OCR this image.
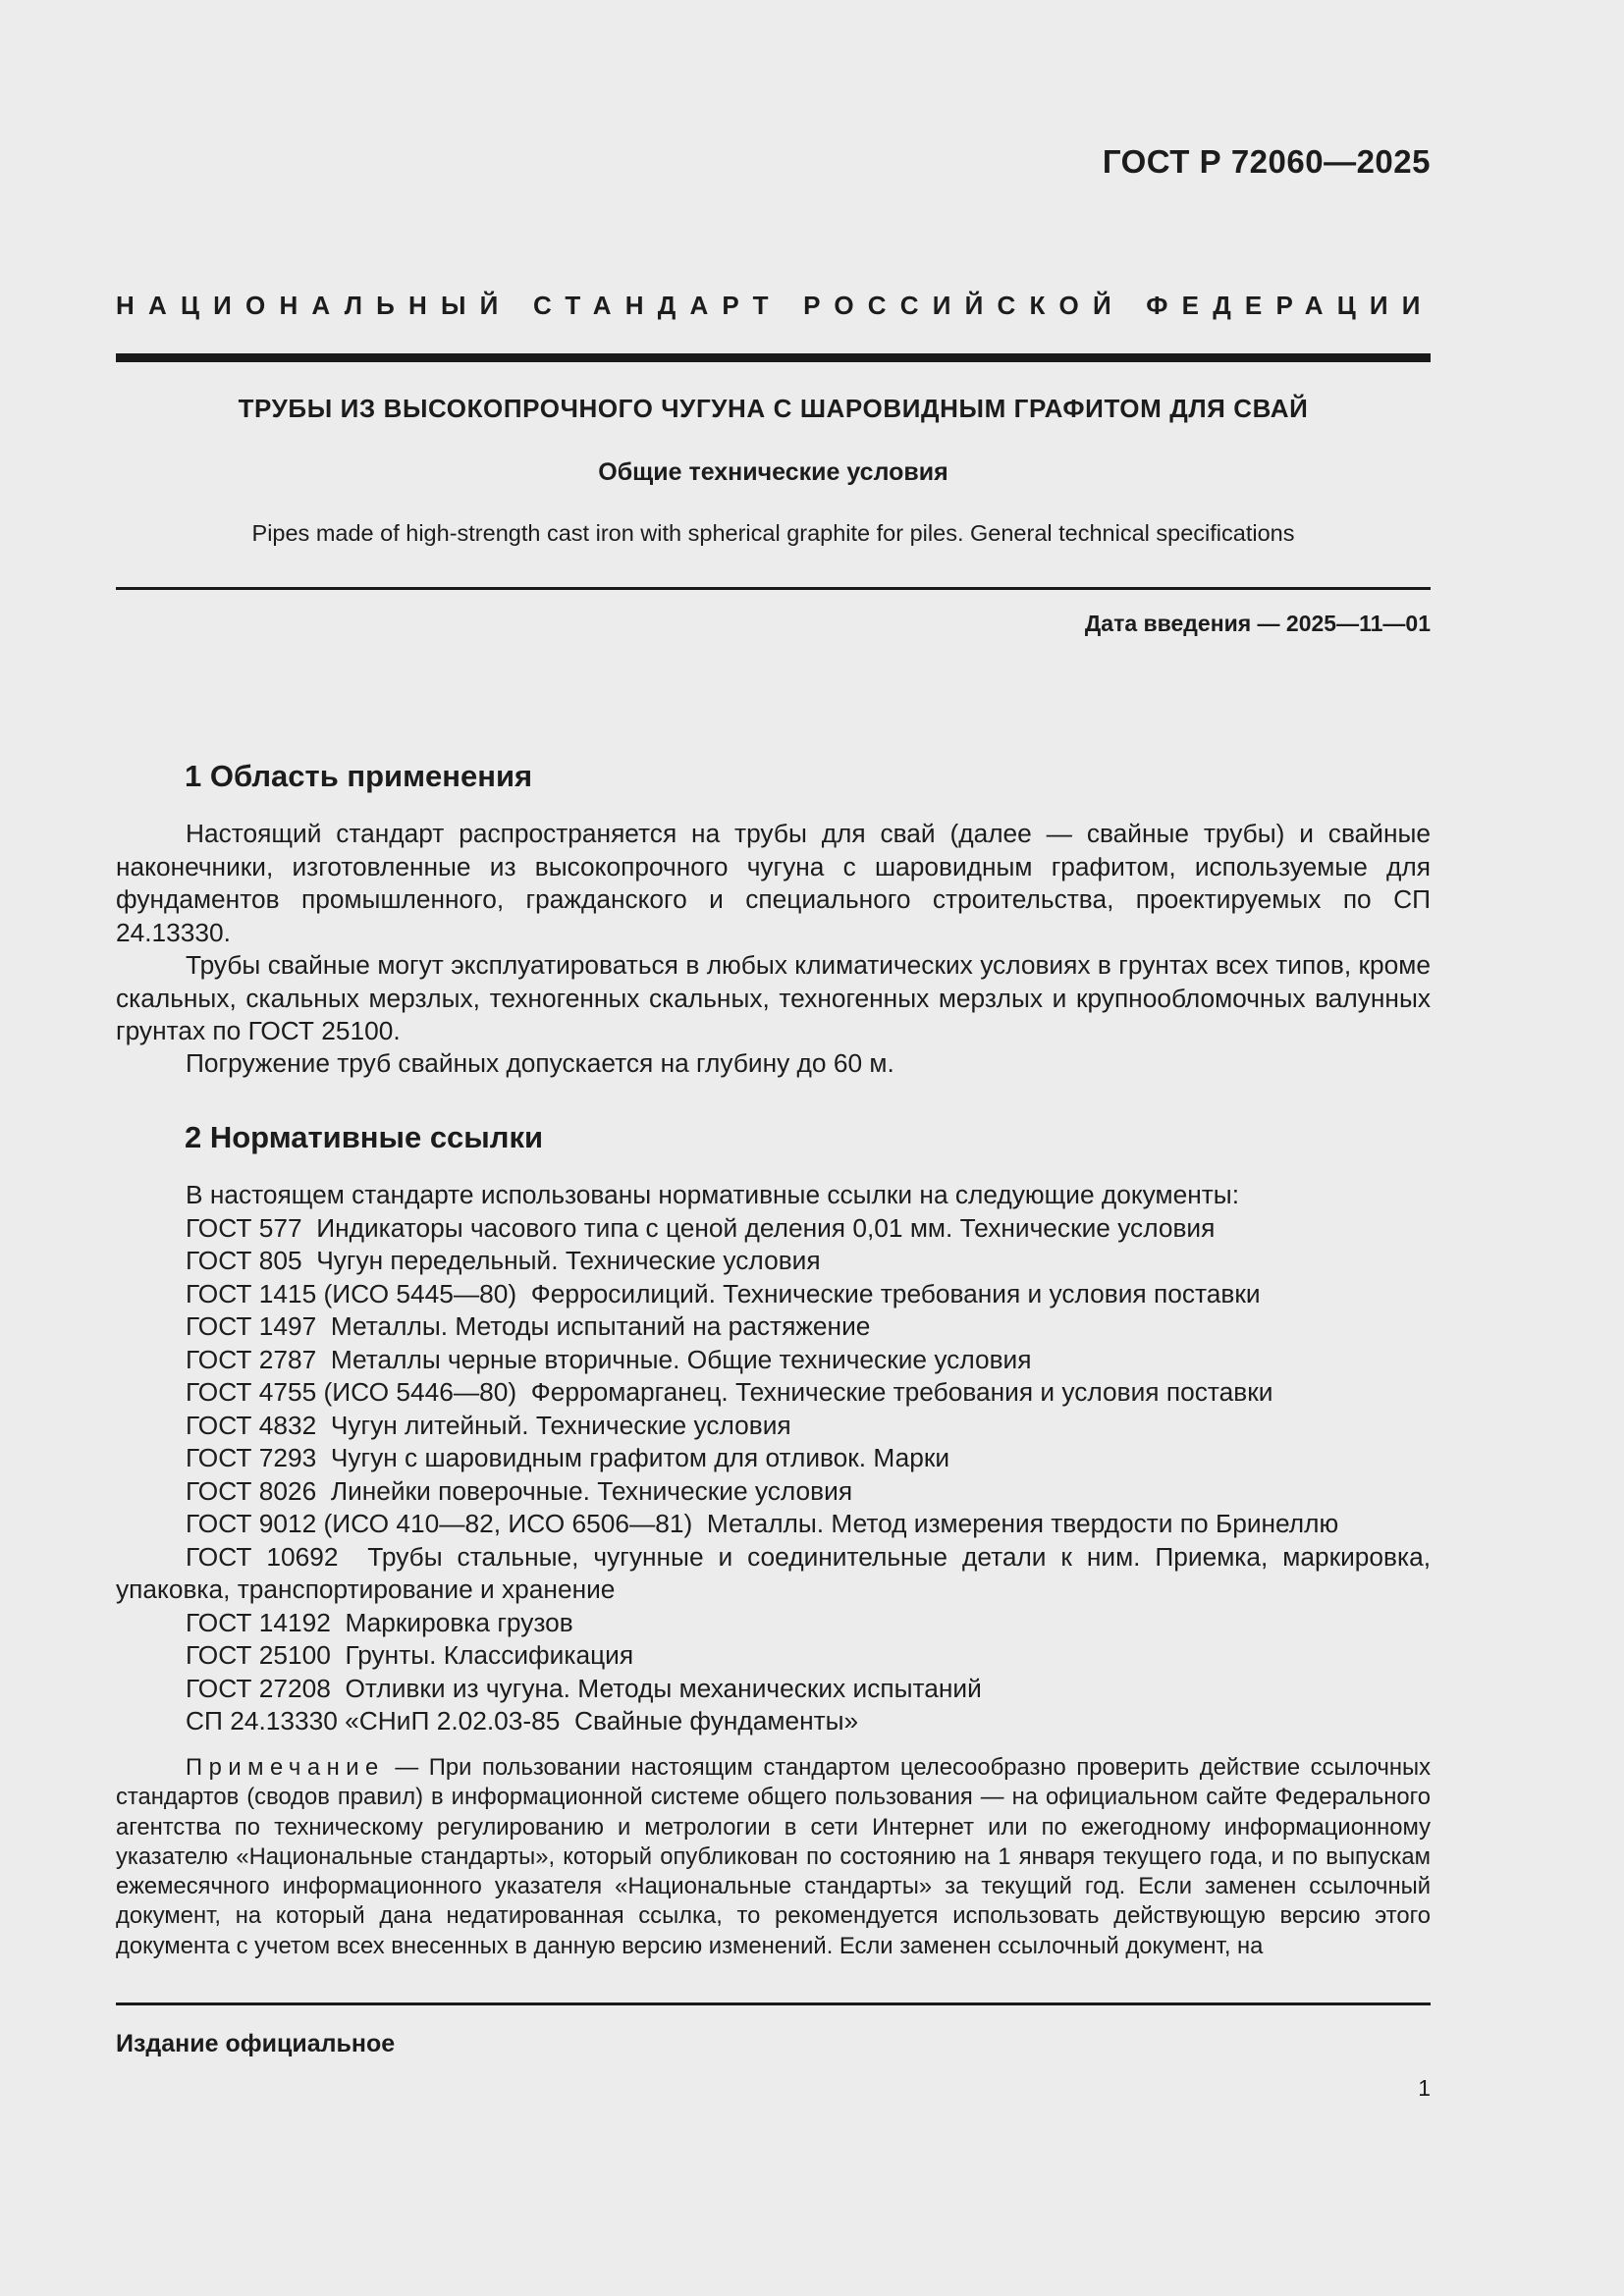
ГОСТ Р 72060—2025
НАЦИОНАЛЬНЫЙ СТАНДАРТ РОССИЙСКОЙ ФЕДЕРАЦИИ
ТРУБЫ ИЗ ВЫСОКОПРОЧНОГО ЧУГУНА С ШАРОВИДНЫМ ГРАФИТОМ ДЛЯ СВАЙ
Общие технические условия
Pipes made of high-strength cast iron with spherical graphite for piles. General technical specifications
Дата введения — 2025—11—01
1 Область применения
Настоящий стандарт распространяется на трубы для свай (далее — свайные трубы) и свайные наконечники, изготовленные из высокопрочного чугуна с шаровидным графитом, используемые для фундаментов промышленного, гражданского и специального строительства, проектируемых по СП 24.13330.
Трубы свайные могут эксплуатироваться в любых климатических условиях в грунтах всех типов, кроме скальных, скальных мерзлых, техногенных скальных, техногенных мерзлых и крупнообломочных валунных грунтах по ГОСТ 25100.
Погружение труб свайных допускается на глубину до 60 м.
2 Нормативные ссылки
В настоящем стандарте использованы нормативные ссылки на следующие документы:
ГОСТ 577  Индикаторы часового типа с ценой деления 0,01 мм. Технические условия
ГОСТ 805  Чугун передельный. Технические условия
ГОСТ 1415 (ИСО 5445—80)  Ферросилиций. Технические требования и условия поставки
ГОСТ 1497  Металлы. Методы испытаний на растяжение
ГОСТ 2787  Металлы черные вторичные. Общие технические условия
ГОСТ 4755 (ИСО 5446—80)  Ферромарганец. Технические требования и условия поставки
ГОСТ 4832  Чугун литейный. Технические условия
ГОСТ 7293  Чугун с шаровидным графитом для отливок. Марки
ГОСТ 8026  Линейки поверочные. Технические условия
ГОСТ 9012 (ИСО 410—82, ИСО 6506—81)  Металлы. Метод измерения твердости по Бринеллю
ГОСТ 10692  Трубы стальные, чугунные и соединительные детали к ним. Приемка, маркировка, упаковка, транспортирование и хранение
ГОСТ 14192  Маркировка грузов
ГОСТ 25100  Грунты. Классификация
ГОСТ 27208  Отливки из чугуна. Методы механических испытаний
СП 24.13330 «СНиП 2.02.03-85  Свайные фундаменты»
Примечание — При пользовании настоящим стандартом целесообразно проверить действие ссылочных стандартов (сводов правил) в информационной системе общего пользования — на официальном сайте Федерального агентства по техническому регулированию и метрологии в сети Интернет или по ежегодному информационному указателю «Национальные стандарты», который опубликован по состоянию на 1 января текущего года, и по выпускам ежемесячного информационного указателя «Национальные стандарты» за текущий год. Если заменен ссылочный документ, на который дана недатированная ссылка, то рекомендуется использовать действующую версию этого документа с учетом всех внесенных в данную версию изменений. Если заменен ссылочный документ, на
Издание официальное
1
